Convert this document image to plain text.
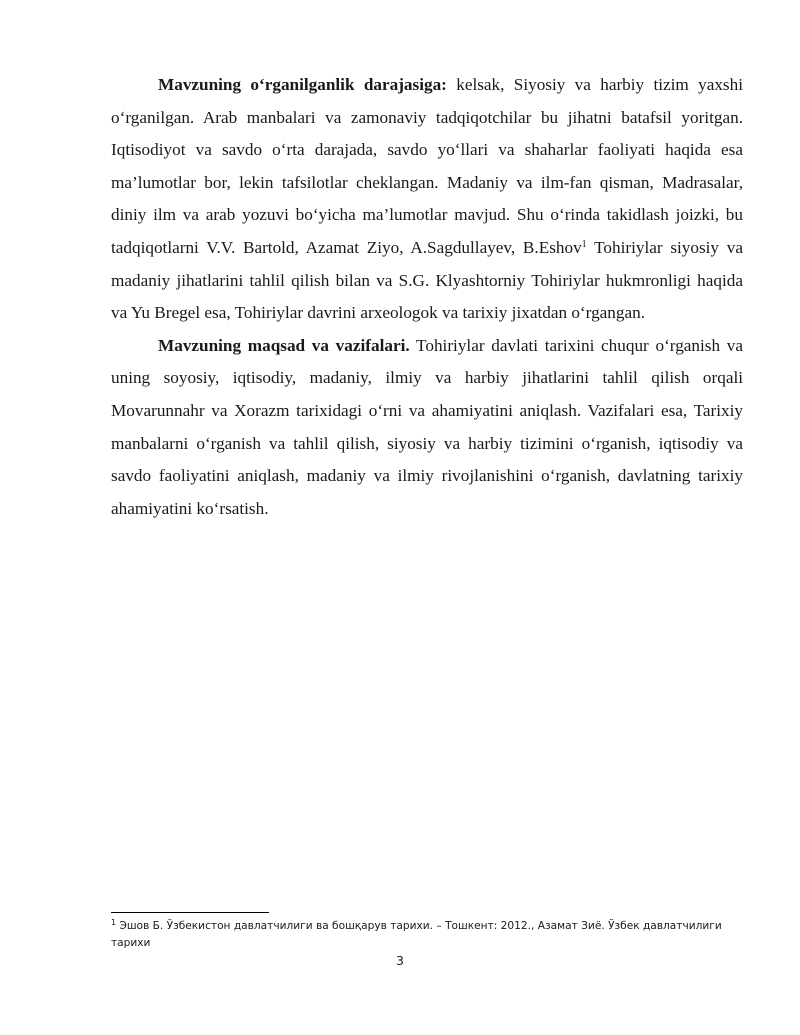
Mavzuning o‘rganilganlik darajasiga: kelsak, Siyosiy va harbiy tizim yaxshi o‘rganilgan. Arab manbalari va zamonaviy tadqiqotchilar bu jihatni batafsil yoritgan. Iqtisodiyot va savdo o‘rta darajada, savdo yo‘llari va shaharlar faoliyati haqida esa ma’lumotlar bor, lekin tafsilotlar cheklangan. Madaniy va ilm-fan qisman, Madrasalar, diniy ilm va arab yozuvi bo‘yicha ma’lumotlar mavjud. Shu o‘rinda takidlash joizki, bu tadqiqotlarni V.V. Bartold, Azamat Ziyo, A.Sagdullayev, B.Eshov$^1$ Tohiriylar siyosiy va madaniy jihatlarini tahlil qilish bilan va S.G. Klyashtorniy Tohiriylar hukmronligi haqida va Yu Bregel esa, Tohiriylar davrini arxeologok va tarixiy jixatdan o‘rgangan.

Mavzuning maqsad va vazifalari. Tohiriylar davlati tarixini chuqur o‘rganish va uning soyosiy, iqtisodiy, madaniy, ilmiy va harbiy jihatlarini tahlil qilish orqali Movarunnahr va Xorazm tarixidagi o‘rni va ahamiyatini aniqlash. Vazifalari esa, Tarixiy manbalarni o‘rganish va tahlil qilish, siyosiy va harbiy tizimini o‘rganish, iqtisodiy va savdo faoliyatini aniqlash, madaniy va ilmiy rivojlanishini o‘rganish, davlatning tarixiy ahamiyatini ko‘rsatish.

$^1$ Эшов Б. Ўзбекистон давлатчилиги ва бошқарув тарихи. – Тошкент: 2012., Азамат Зиё. Ўзбек давлатчилиги тарихи
3
